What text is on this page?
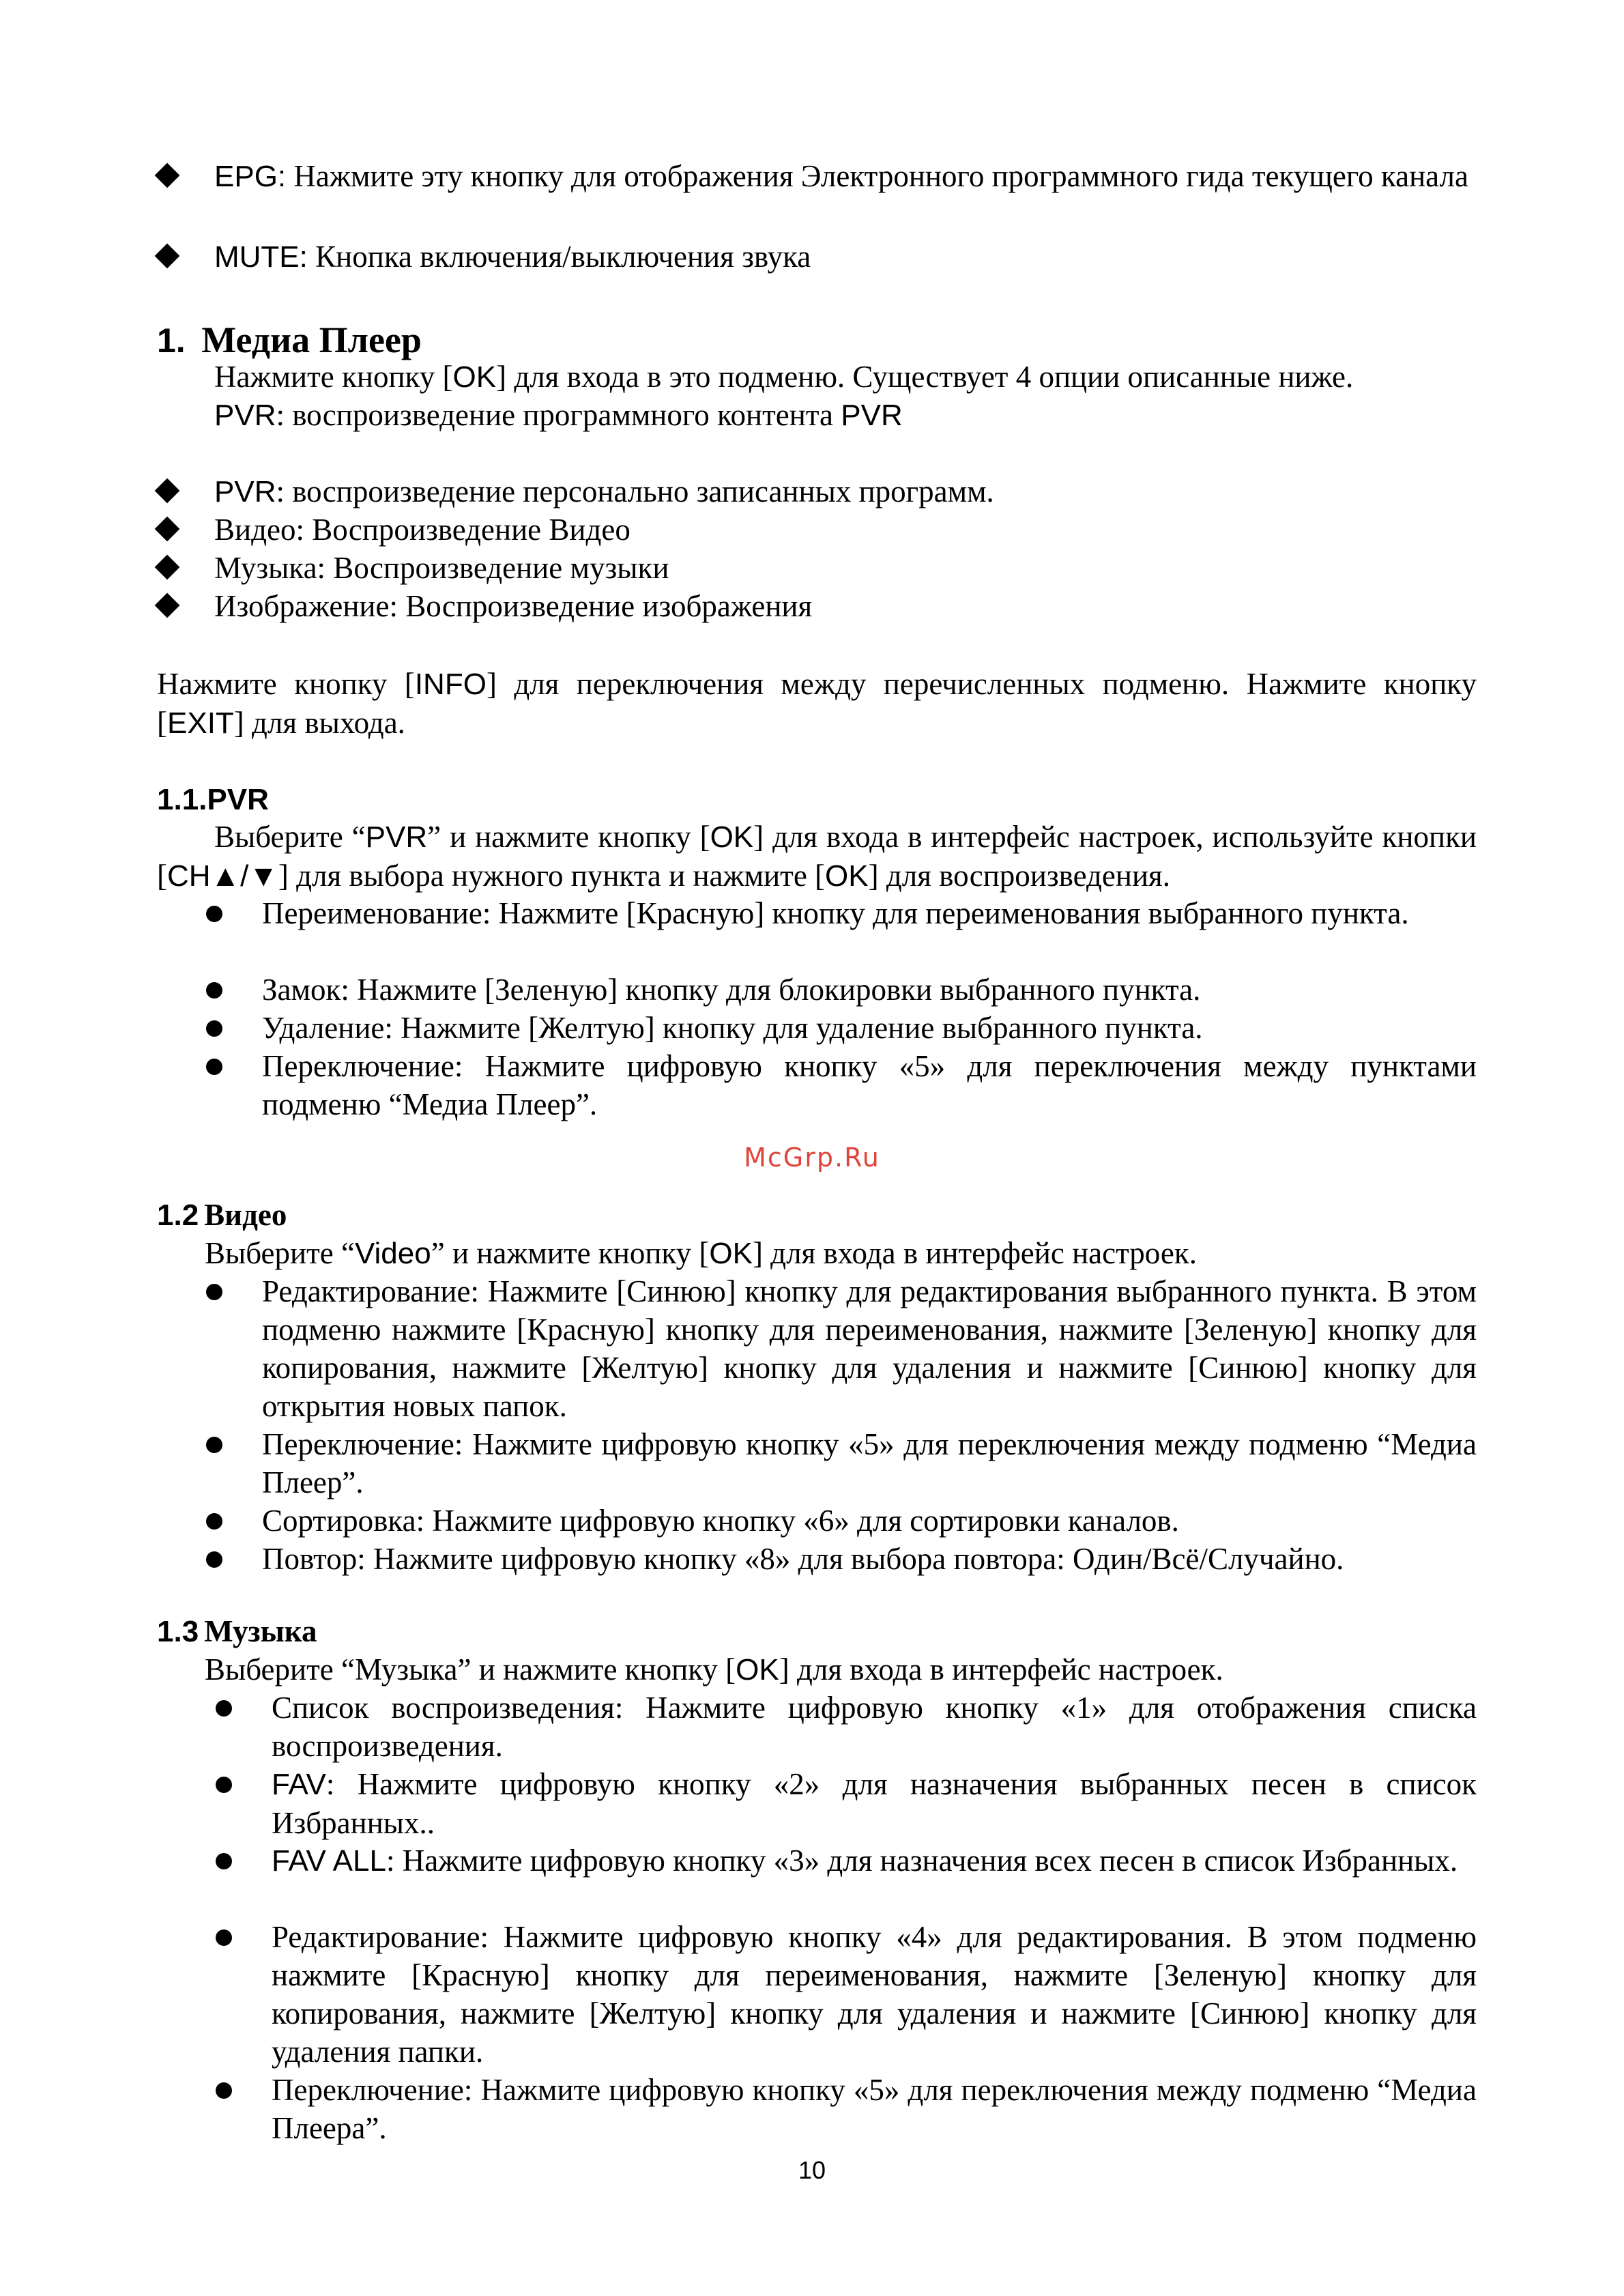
EPG: Нажмите эту кнопку для отображения Электронного программного гида текущего канала
MUTE: Кнопка включения/выключения звука
1. Медиа Плеер
Нажмите кнопку [OK] для входа в это подменю. Существует 4 опции описанные ниже.
PVR: воспроизведение программного контента PVR
PVR: воспроизведение персонально записанных программ.
Видео: Воспроизведение Видео
Музыка: Воспроизведение музыки
Изображение: Воспроизведение изображения
Нажмите кнопку [INFO] для переключения между перечисленных подменю. Нажмите кнопку [EXIT] для выхода.
1.1.PVR
Выберите “PVR” и нажмите кнопку [OK] для входа в интерфейс настроек, используйте кнопки [CH▲/▼] для выбора нужного пункта и нажмите [OK] для воспроизведения.
Переименование: Нажмите [Красную] кнопку для переименования выбранного пункта.
Замок: Нажмите [Зеленую] кнопку для блокировки выбранного пункта.
Удаление: Нажмите [Желтую] кнопку для удаление выбранного пункта.
Переключение: Нажмите цифровую кнопку «5» для переключения между пунктами подменю “Медиа Плеер”.
McGrp.Ru
1.2 Видео
Выберите “Video” и нажмите кнопку [OK] для входа в интерфейс настроек.
Редактирование: Нажмите [Синюю] кнопку для редактирования выбранного пункта. В этом подменю нажмите [Красную] кнопку для переименования, нажмите [Зеленую] кнопку для копирования, нажмите [Желтую] кнопку для удаления и нажмите [Синюю] кнопку для открытия новых папок.
Переключение: Нажмите цифровую кнопку «5» для переключения между подменю “Медиа Плеер”.
Сортировка: Нажмите цифровую кнопку «6» для сортировки каналов.
Повтор: Нажмите цифровую кнопку «8» для выбора повтора: Один/Всё/Случайно.
1.3 Музыка
Выберите “Музыка” и нажмите кнопку [OK] для входа в интерфейс настроек.
Список воспроизведения: Нажмите цифровую кнопку «1» для отображения списка воспроизведения.
FAV: Нажмите цифровую кнопку «2» для назначения выбранных песен в список Избранных..
FAV ALL: Нажмите цифровую кнопку «3» для назначения всех песен в список Избранных.
Редактирование: Нажмите цифровую кнопку «4» для редактирования. В этом подменю нажмите [Красную] кнопку для переименования, нажмите [Зеленую] кнопку для копирования, нажмите [Желтую] кнопку для удаления и нажмите [Синюю] кнопку для удаления папки.
Переключение: Нажмите цифровую кнопку «5» для переключения между подменю “Медиа Плеера”.
10
